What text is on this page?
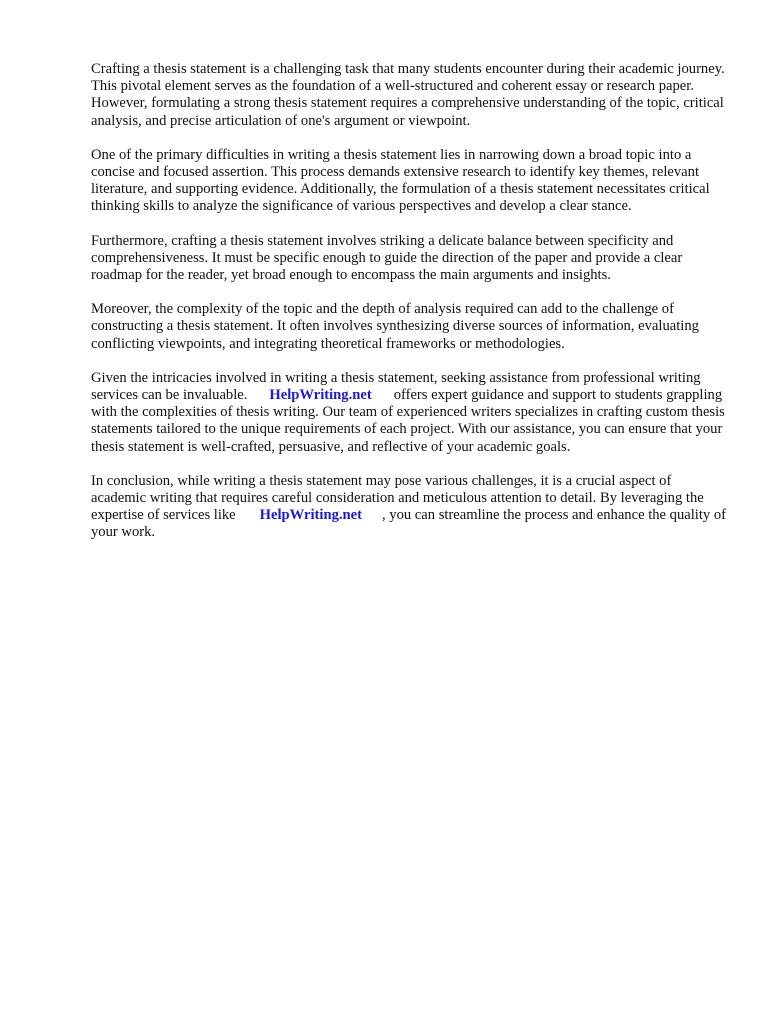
Crafting a thesis statement is a challenging task that many students encounter during their academic journey. This pivotal element serves as the foundation of a well-structured and coherent essay or research paper. However, formulating a strong thesis statement requires a comprehensive understanding of the topic, critical analysis, and precise articulation of one's argument or viewpoint.

One of the primary difficulties in writing a thesis statement lies in narrowing down a broad topic into a concise and focused assertion. This process demands extensive research to identify key themes, relevant literature, and supporting evidence. Additionally, the formulation of a thesis statement necessitates critical thinking skills to analyze the significance of various perspectives and develop a clear stance.

Furthermore, crafting a thesis statement involves striking a delicate balance between specificity and comprehensiveness. It must be specific enough to guide the direction of the paper and provide a clear roadmap for the reader, yet broad enough to encompass the main arguments and insights.

Moreover, the complexity of the topic and the depth of analysis required can add to the challenge of constructing a thesis statement. It often involves synthesizing diverse sources of information, evaluating conflicting viewpoints, and integrating theoretical frameworks or methodologies.

Given the intricacies involved in writing a thesis statement, seeking assistance from professional writing services can be invaluable. HelpWriting.net offers expert guidance and support to students grappling with the complexities of thesis writing. Our team of experienced writers specializes in crafting custom thesis statements tailored to the unique requirements of each project. With our assistance, you can ensure that your thesis statement is well-crafted, persuasive, and reflective of your academic goals.

In conclusion, while writing a thesis statement may pose various challenges, it is a crucial aspect of academic writing that requires careful consideration and meticulous attention to detail. By leveraging the expertise of services like HelpWriting.net , you can streamline the process and enhance the quality of your work.
